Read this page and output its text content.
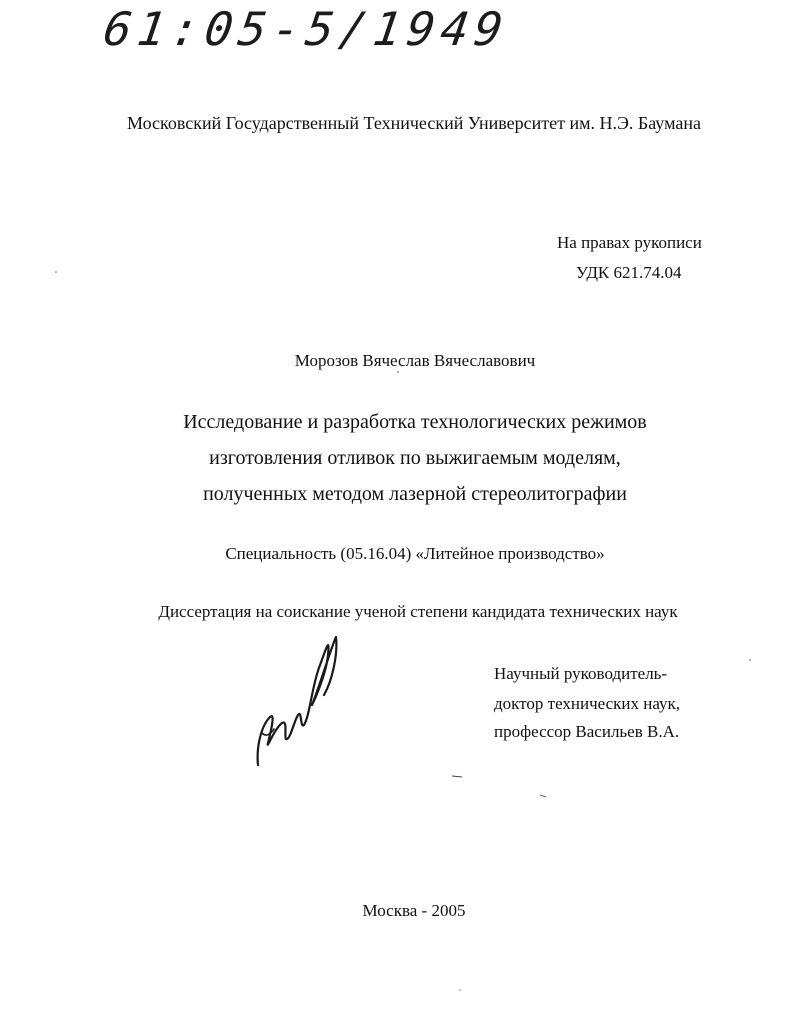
61:05-5/1949
Московский Государственный Технический Университет им. Н.Э. Баумана
На правах рукописи
УДК 621.74.04
Морозов Вячеслав Вячеславович
Исследование и разработка технологических режимов
изготовления отливок по выжигаемым моделям,
полученных методом лазерной стереолитографии
Специальность (05.16.04) «Литейное производство»
Диссертация на соискание ученой степени кандидата технических наук
Научный руководитель-
доктор технических наук,
профессор Васильев В.А.
Москва - 2005
